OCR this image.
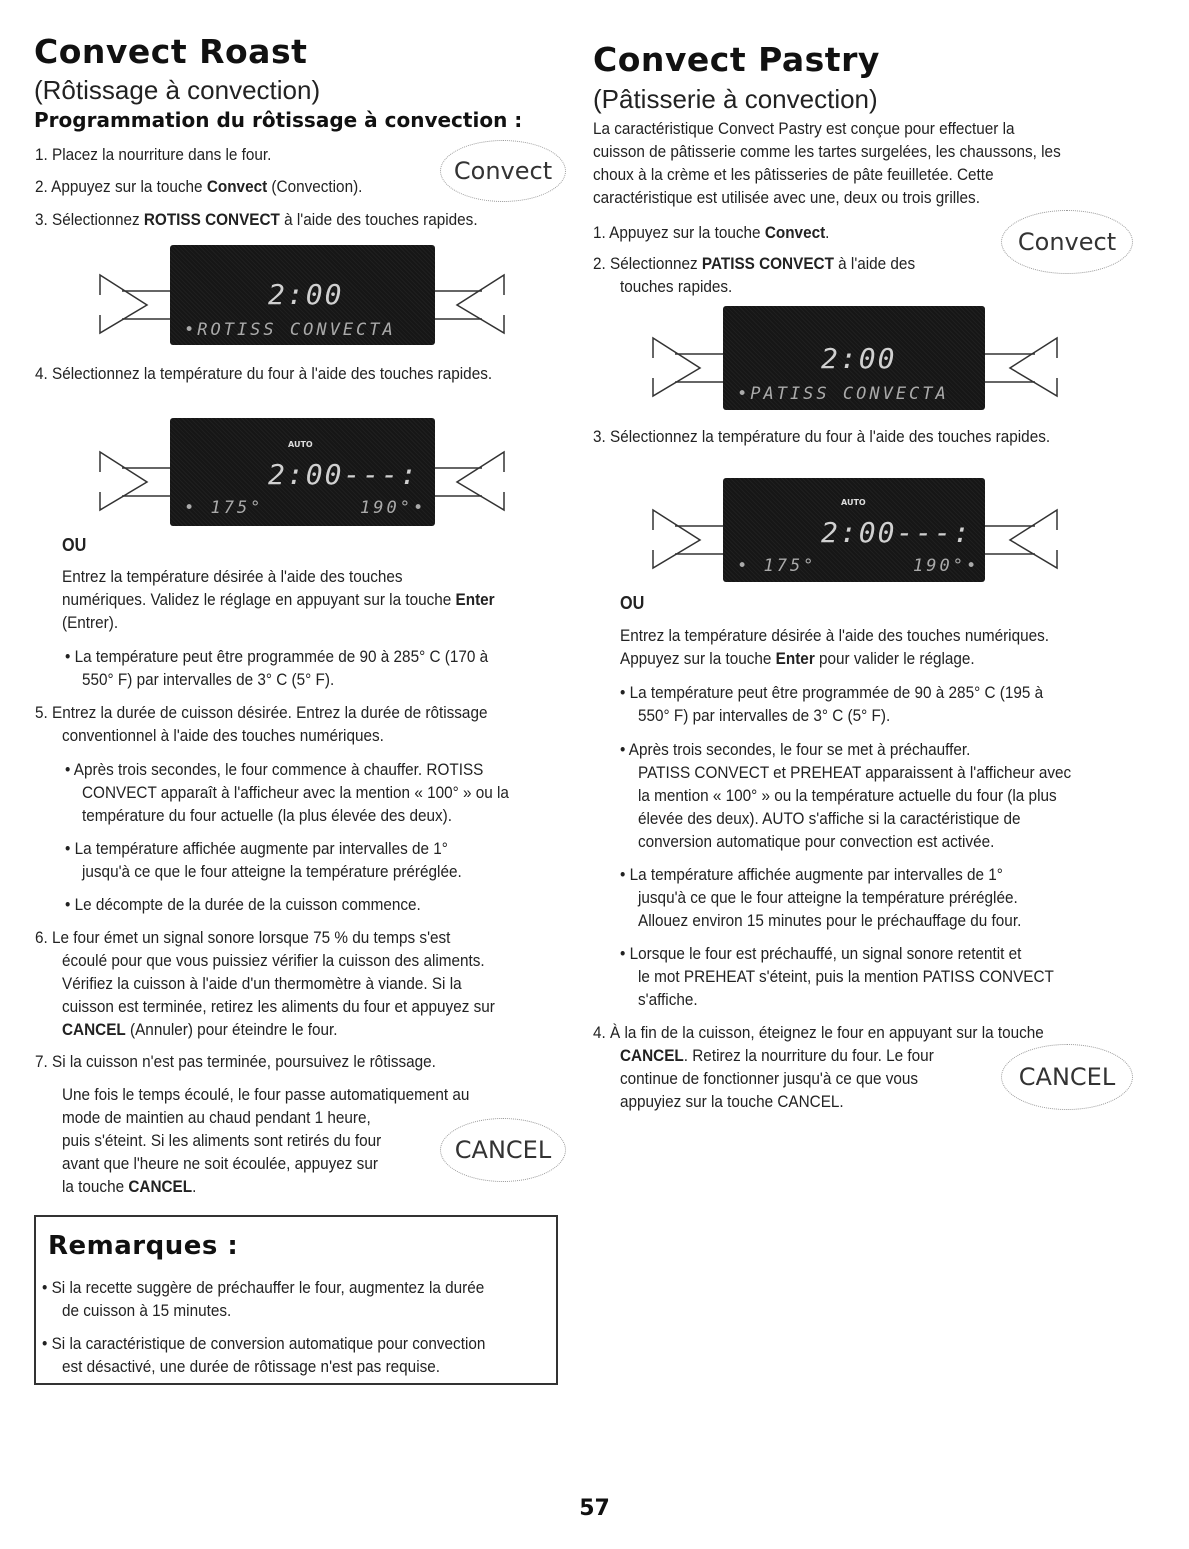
Convect Roast
(Rôtissage à convection)
Programmation du rôtissage à convection :
1. Placez la nourriture dans le four.
2. Appuyez sur la touche Convect (Convection).
Convect
3. Sélectionnez ROTISS CONVECT à l'aide des touches rapides.
2:00
•ROTISS CONVECTA
4. Sélectionnez la température du four à l'aide des touches rapides.
AUTO
2:00---:
• 175°	190°•
OU
Entrez la température désirée à l'aide des touches
numériques. Validez le réglage en appuyant sur la touche Enter
(Entrer).
• La température peut être programmée de 90 à 285° C (170 à
550° F) par intervalles de 3° C (5° F).
5. Entrez la durée de cuisson désirée. Entrez la durée de rôtissage
conventionnel à l'aide des touches numériques.
• Après trois secondes, le four commence à chauffer. ROTISS
CONVECT apparaît à l'afficheur avec la mention « 100° » ou la
température du four actuelle (la plus élevée des deux).
• La température affichée augmente par intervalles de 1°
jusqu'à ce que le four atteigne la température préréglée.
• Le décompte de la durée de la cuisson commence.
6. Le four émet un signal sonore lorsque 75 % du temps s'est
écoulé pour que vous puissiez vérifier la cuisson des aliments.
Vérifiez la cuisson à l'aide d'un thermomètre à viande. Si la
cuisson est terminée, retirez les aliments du four et appuyez sur
CANCEL (Annuler) pour éteindre le four.
7. Si la cuisson n'est pas terminée, poursuivez le rôtissage.
Une fois le temps écoulé, le four passe automatiquement au
mode de maintien au chaud pendant 1 heure,
puis s'éteint. Si les aliments sont retirés du four
avant que l'heure ne soit écoulée, appuyez sur
la touche CANCEL.
CANCEL
Remarques :
• Si la recette suggère de préchauffer le four, augmentez la durée
de cuisson à 15 minutes.
• Si la caractéristique de conversion automatique pour convection
est désactivé, une durée de rôtissage n'est pas requise.
Convect Pastry
(Pâtisserie à convection)
La caractéristique Convect Pastry est conçue pour effectuer la
cuisson de pâtisserie comme les tartes surgelées, les chaussons, les
choux à la crème et les pâtisseries de pâte feuilletée. Cette
caractéristique est utilisée avec une, deux ou trois grilles.
1. Appuyez sur la touche Convect.
2. Sélectionnez PATISS CONVECT à l'aide des
touches rapides.
Convect
2:00
•PATISS CONVECTA
3. Sélectionnez la température du four à l'aide des touches rapides.
AUTO
2:00---:
• 175°	190°•
OU
Entrez la température désirée à l'aide des touches numériques.
Appuyez sur la touche Enter pour valider le réglage.
• La température peut être programmée de 90 à 285° C (195 à
550° F) par intervalles de 3° C (5° F).
• Après trois secondes, le four se met à préchauffer.
PATISS CONVECT et PREHEAT apparaissent à l'afficheur avec
la mention « 100° » ou la température actuelle du four (la plus
élevée des deux). AUTO s'affiche si la caractéristique de
conversion automatique pour convection est activée.
• La température affichée augmente par intervalles de 1°
jusqu'à ce que le four atteigne la température préréglée.
Allouez environ 15 minutes pour le préchauffage du four.
• Lorsque le four est préchauffé, un signal sonore retentit et
le mot PREHEAT s'éteint, puis la mention PATISS CONVECT
s'affiche.
4. À la fin de la cuisson, éteignez le four en appuyant sur la touche
CANCEL. Retirez la nourriture du four. Le four
continue de fonctionner jusqu'à ce que vous
appuyiez sur la touche CANCEL.
CANCEL
57
